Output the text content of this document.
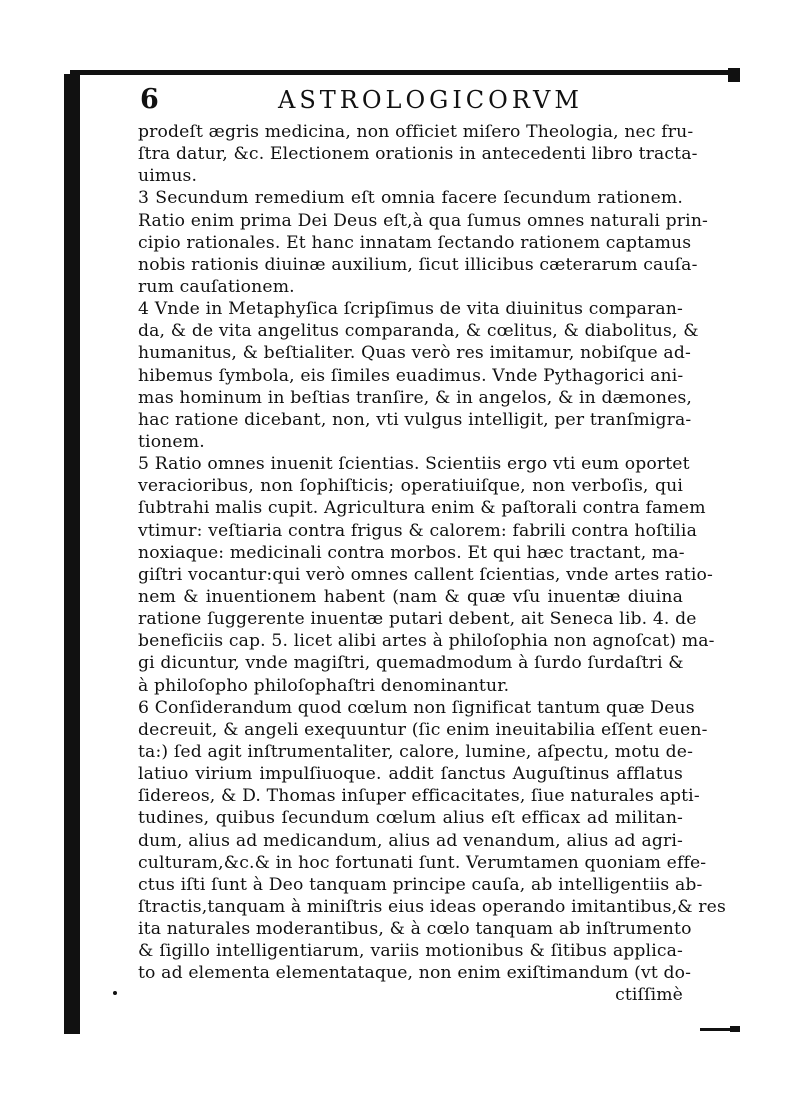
6	ASTROLOGICORVM
prodeſt ægris medicina, non officiet miſero Theologia, nec fru-
ſtra datur, &c. Electionem orationis in antecedenti libro tracta-
uimus.
3 Secundum remedium eſt omnia facere ſecundum rationem.
Ratio enim prima Dei Deus eſt,à qua ſumus omnes naturali prin-
cipio rationales. Et hanc innatam ſectando rationem captamus
nobis rationis diuinæ auxilium, ſicut illicibus cæterarum cauſa-
rum cauſationem.
4 Vnde in Metaphyſica ſcripſimus de vita diuinitus comparan-
da, & de vita angelitus comparanda, & cœlitus, & diabolitus, &
humanitus, & beſtialiter. Quas verò res imitamur, nobiſque ad-
hibemus ſymbola, eis ſimiles euadimus. Vnde Pythagorici ani-
mas hominum in beſtias tranſire, & in angelos, & in dæmones,
hac ratione dicebant, non, vti vulgus intelligit, per tranſmigra-
tionem.
5 Ratio omnes inuenit ſcientias. Scientiis ergo vti eum oportet
veracioribus, non ſophiſticis; operatiuiſque, non verboſis, qui
ſubtrahi malis cupit. Agricultura enim & paſtorali contra famem
vtimur: veſtiaria contra frigus & calorem: fabrili contra hoſtilia
noxiaque: medicinali contra morbos. Et qui hæc tractant, ma-
giſtri vocantur:qui verò omnes callent ſcientias, vnde artes ratio-
nem & inuentionem habent (nam & quæ vſu inuentæ diuina
ratione ſuggerente inuentæ putari debent, ait Seneca lib. 4. de
beneficiis cap. 5. licet alibi artes à philoſophia non agnoſcat) ma-
gi dicuntur, vnde magiſtri, quemadmodum à ſurdo ſurdaſtri &
à philoſopho philoſophaſtri denominantur.
6 Conſiderandum quod cœlum non ſignificat tantum quæ Deus
decreuit, & angeli exequuntur (ſic enim ineuitabilia eſſent euen-
ta:) ſed agit inſtrumentaliter, calore, lumine, aſpectu, motu de-
latiuo virium impulſiuoque. addit ſanctus Auguſtinus afflatus
ſidereos, & D. Thomas inſuper efficacitates, ſiue naturales apti-
tudines, quibus ſecundum cœlum alius eſt efficax ad militan-
dum, alius ad medicandum, alius ad venandum, alius ad agri-
culturam,&c.& in hoc fortunati ſunt. Verumtamen quoniam effe-
ctus iſti ſunt à Deo tanquam principe cauſa, ab intelligentiis ab-
ſtractis,tanquam à miniſtris eius ideas operando imitantibus,& res
ita naturales moderantibus, & à cœlo tanquam ab inſtrumento
& ſigillo intelligentiarum, variis motionibus & ſitibus applica-
to ad elementa elementataque, non enim exiſtimandum (vt do-
ctiſſimè
